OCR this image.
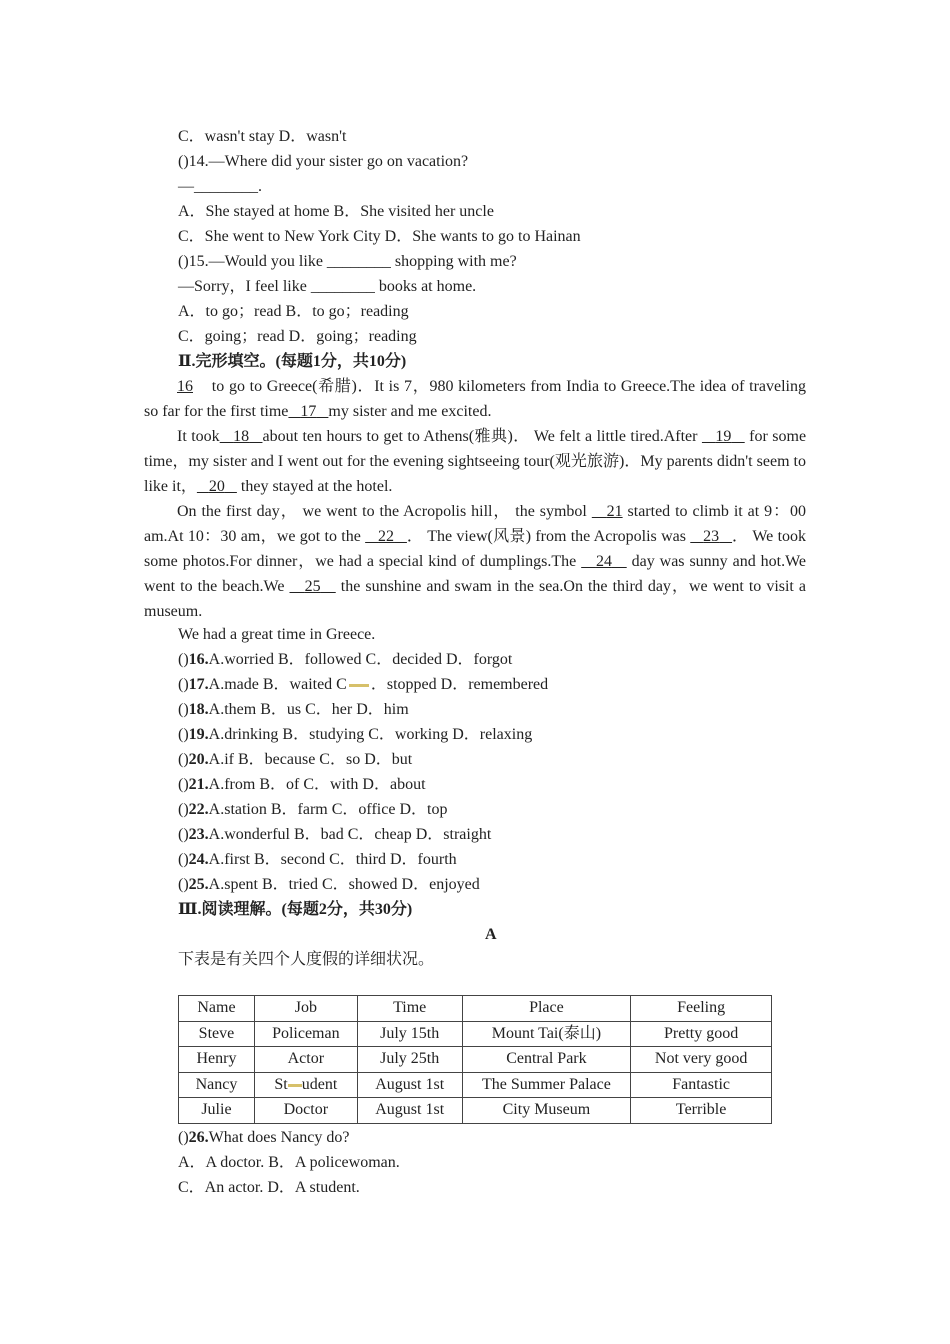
C．wasn't stay D．wasn't
()14.—Where did your sister go on vacation?
—________.
A．She stayed at home B．She visited her uncle
C．She went to New York City D．She wants to go to Hainan
()15.—Would you like ________ shopping with me?
—Sorry，I feel like ________ books at home.
A．to go；read B．to go；reading
C．going；read D．going；reading
Ⅱ.完形填空。(每题1分，共10分)
16 to go to Greece(希腊)．It is 7，980 kilometers from India to Greece.The idea of traveling so far for the first time 17 my sister and me excited.
It took 18 about ten hours to get to Athens(雅典)． We felt a little tired.After    19    for some time，my sister and I went out for the evening sightseeing tour(观光旅游)．My parents didn't seem to like it， 20    they stayed at the hotel.
On the first day， we went to the Acropolis hill， the symbol    21 started to climb it at 9：00 am.At 10：30 am，we got to the    22 ． The view(风景) from the Acropolis was    23 ． We took some photos.For dinner，we had a special kind of dumplings.The    24    day was sunny and hot.We went to the beach.We    25    the sunshine and swam in the sea.On the third day，we went to visit a museum.
We had a great time in Greece.
()16.A.worried B．followed C．decided D．forgot
()17.A.made B．waited C ．stopped D．remembered
()18.A.them B．us C．her D．him
()19.A.drinking B．studying C．working D．relaxing
()20.A.if B．because C．so D．but
()21.A.from B．of C．with D．about
()22.A.station B．farm C．office D．top
()23.A.wonderful B．bad C．cheap D．straight
()24.A.first B．second C．third D．fourth
()25.A.spent B．tried C．showed D．enjoyed
Ⅲ.阅读理解。(每题2分，共30分)
A
下表是有关四个人度假的详细状况。
Name	Job	Time	Place	Feeling
Steve	Policeman	July 15th	Mount Tai(泰山)	Pretty good
Henry	Actor	July 25th	Central Park	Not very good
Nancy	St udent	August 1st	The Summer Palace	Fantastic
Julie	Doctor	August 1st	City Museum	Terrible
()26.What does Nancy do?
A．A doctor. B．A policewoman.
C．An actor. D．A student.
